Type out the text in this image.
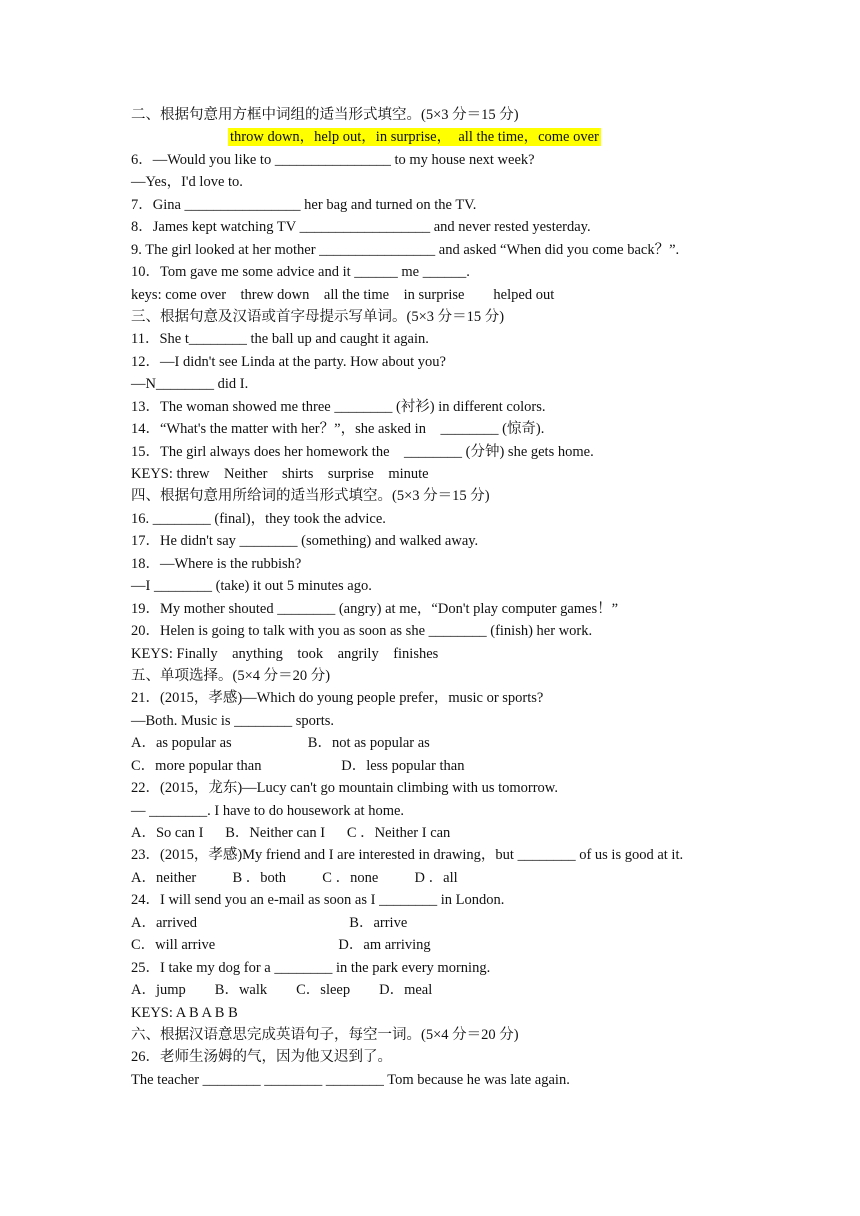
二、根据句意用方框中词组的适当形式填空。(5×3 分＝15 分)
throw down，help out，in surprise，  all the time，come over
6．—Would you like to ________________ to my house next week?
—Yes，I'd love to.
7．Gina ________________ her bag and turned on the TV.
8．James kept watching TV __________________ and never rested yesterday.
9. The girl looked at her mother ________________ and asked “When did you come back？”.
10．Tom gave me some advice and it ______ me ______.
keys: come over    threw down    all the time    in surprise        helped out
三、根据句意及汉语或首字母提示写单词。(5×3 分＝15 分)
11．She t________ the ball up and caught it again.
12．—I didn't see Linda at the party. How about you?
—N________ did I.
13．The woman showed me three ________ (衬衫) in different colors.
14．“What's the matter with her？”，she asked in    ________ (惊奇).
15．The girl always does her homework the    ________ (分钟) she gets home.
KEYS: threw    Neither    shirts    surprise    minute
四、根据句意用所给词的适当形式填空。(5×3 分＝15 分)
16. ________ (final)，they took the advice.
17．He didn't say ________ (something) and walked away.
18．—Where is the rubbish?
—I ________ (take) it out 5 minutes ago.
19．My mother shouted ________ (angry) at me，“Don't play computer games！”
20．Helen is going to talk with you as soon as she ________ (finish) her work.
KEYS: Finally    anything    took    angrily    finishes
五、单项选择。(5×4 分＝20 分)
21．(2015，孝感)—Which do young people prefer，music or sports?
—Both. Music is ________ sports.
A．as popular as                     B．not as popular as
C．more popular than                      D．less popular than
22．(2015，龙东)—Lucy can't go mountain climbing with us tomorrow.
— ________. I have to do housework at home.
A．So can I      B．Neither can I      C ．Neither I can
23．(2015，孝感)My friend and I are interested in drawing，but ________ of us is good at it.
A．neither          B ．both          C ．none          D ．all
24．I will send you an e-mail as soon as I ________ in London.
A．arrived                                          B．arrive
C．will arrive                                  D．am arriving
25．I take my dog for a ________ in the park every morning.
A．jump        B．walk        C．sleep        D．meal
KEYS: A B A B B
六、根据汉语意思完成英语句子，每空一词。(5×4 分＝20 分)
26．老师生汤姆的气，因为他又迟到了。
The teacher ________ ________ ________ Tom because he was late again.
